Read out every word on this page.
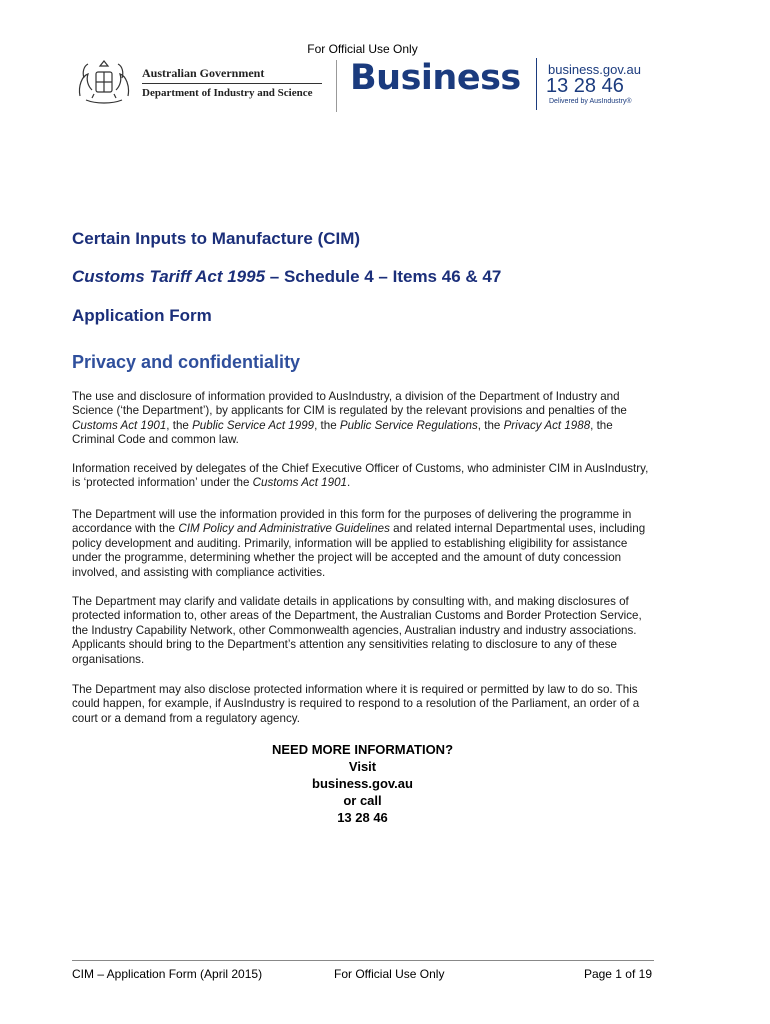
For Official Use Only
Australian Government
Department of Industry and Science Business business.gov.au
13 28 46
Delivered by AusIndustry®
Certain Inputs to Manufacture (CIM)
Customs Tariff Act 1995 – Schedule 4 – Items 46 & 47
Application Form
Privacy and confidentiality

The use and disclosure of information provided to AusIndustry, a division of the Department of Industry and Science (‘the Department’), by applicants for CIM is regulated by the relevant provisions and penalties of the Customs Act 1901, the Public Service Act 1999, the Public Service Regulations, the Privacy Act 1988, the Criminal Code and common law.

Information received by delegates of the Chief Executive Officer of Customs, who administer CIM in AusIndustry, is ‘protected information’ under the Customs Act 1901.

The Department will use the information provided in this form for the purposes of delivering the programme in accordance with the CIM Policy and Administrative Guidelines and related internal Departmental uses, including policy development and auditing. Primarily, information will be applied to establishing eligibility for assistance under the programme, determining whether the project will be accepted and the amount of duty concession involved, and assisting with compliance activities.

The Department may clarify and validate details in applications by consulting with, and making disclosures of protected information to, other areas of the Department, the Australian Customs and Border Protection Service, the Industry Capability Network, other Commonwealth agencies, Australian industry and industry associations. Applicants should bring to the Department’s attention any sensitivities relating to disclosure to any of these organisations.

The Department may also disclose protected information where it is required or permitted by law to do so. This could happen, for example, if AusIndustry is required to respond to a resolution of the Parliament, an order of a court or a demand from a regulatory agency.

NEED MORE INFORMATION?
Visit
business.gov.au
or call
13 28 46
CIM – Application Form (April 2015)	For Official Use Only	Page 1 of 19
